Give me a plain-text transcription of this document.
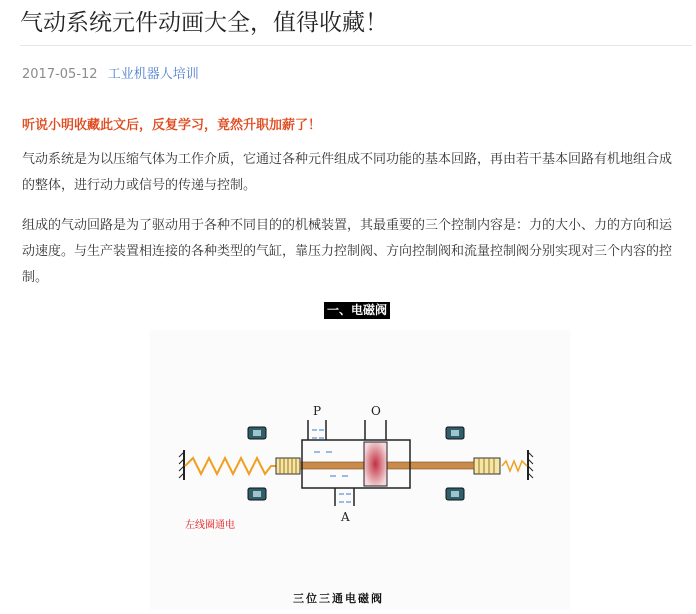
气动系统元件动画大全，值得收藏！
2017-05-12 工业机器人培训
听说小明收藏此文后，反复学习，竟然升职加薪了！

气动系统是为以压缩气体为工作介质，它通过各种元件组成不同功能的基本回路，再由若干基本回路有机地组合成的整体，进行动力或信号的传递与控制。

组成的气动回路是为了驱动用于各种不同目的的机械装置，其最重要的三个控制内容是：力的大小、力的方向和运动速度。与生产装置相连接的各种类型的气缸，靠压力控制阀、方向控制阀和流量控制阀分别实现对三个内容的控制。

一、电磁阀
P	O
A
左线圈通电
三位三通电磁阀
